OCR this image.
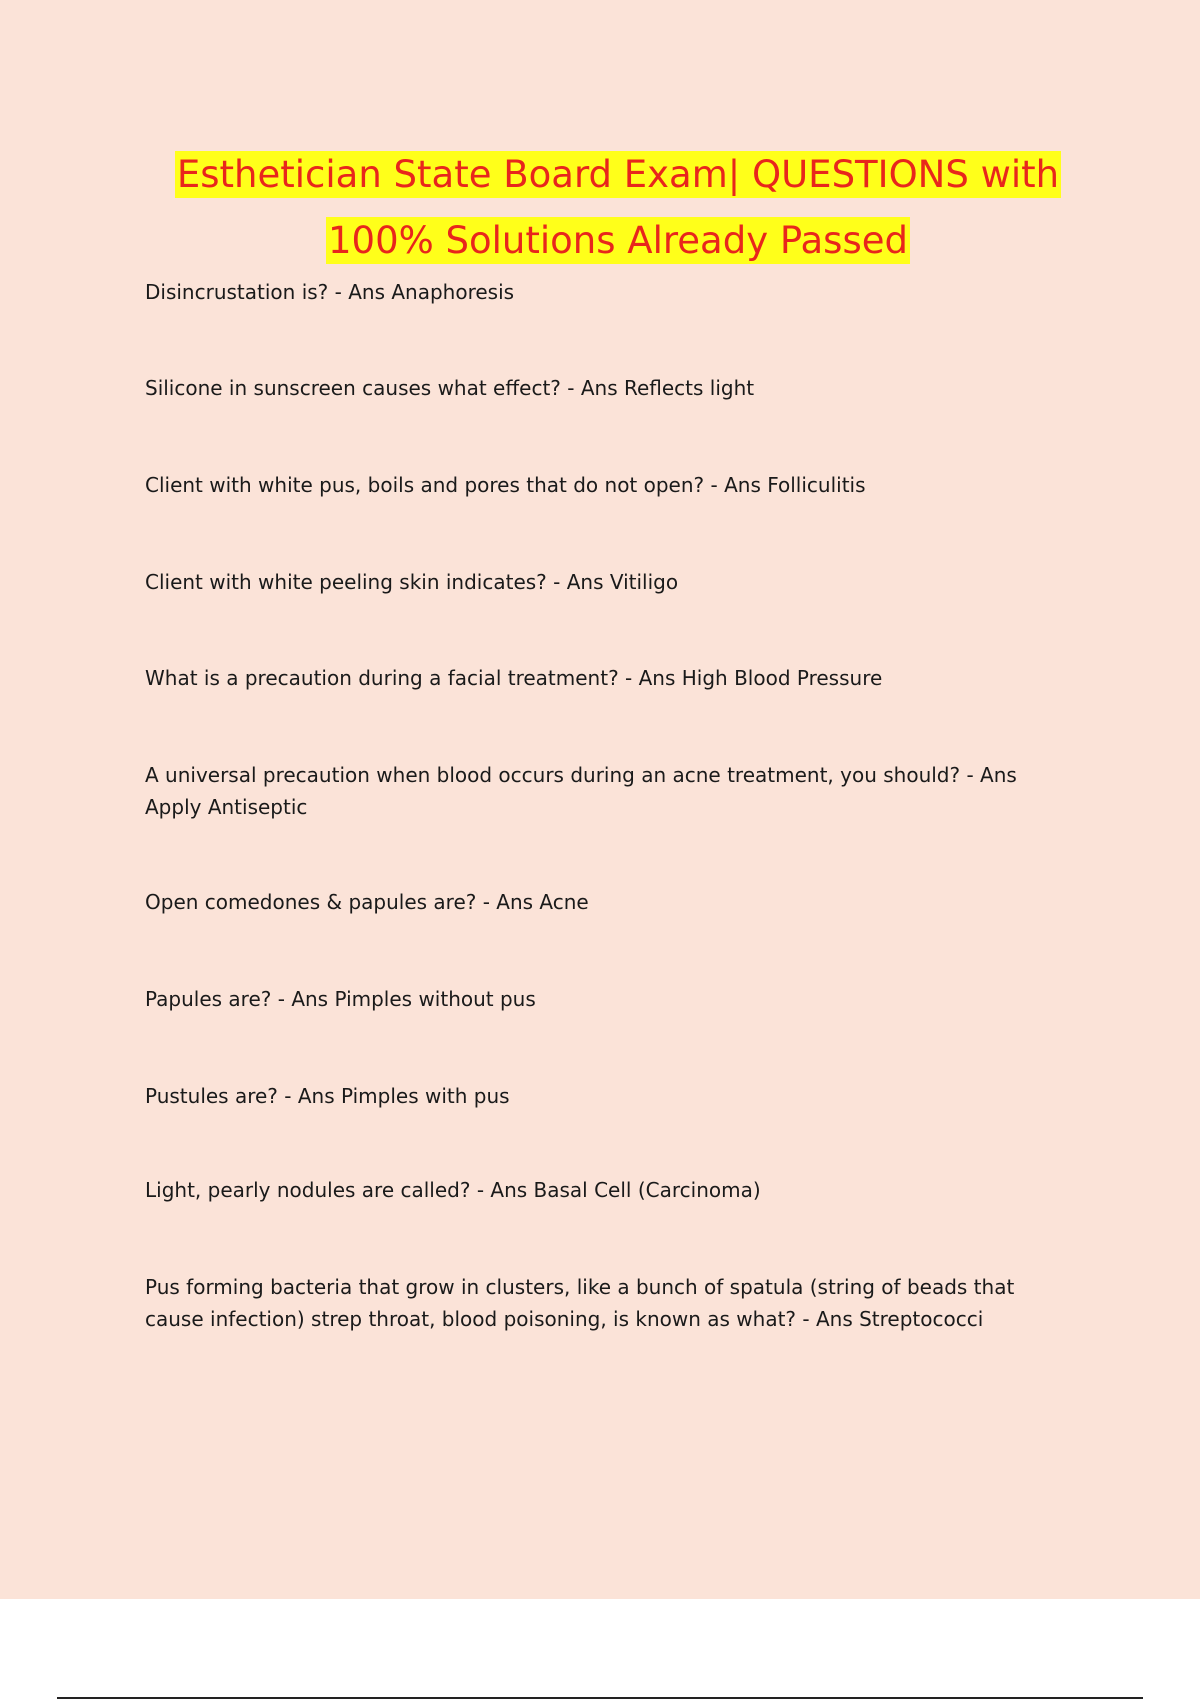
Esthetician State Board Exam| QUESTIONS with
100% Solutions Already Passed
Disincrustation is? - Ans Anaphoresis
Silicone in sunscreen causes what effect? - Ans Reflects light
Client with white pus, boils and pores that do not open? - Ans Folliculitis
Client with white peeling skin indicates? - Ans Vitiligo
What is a precaution during a facial treatment? - Ans High Blood Pressure
A universal precaution when blood occurs during an acne treatment, you should? - Ans Apply Antiseptic
Open comedones & papules are? - Ans Acne
Papules are? - Ans Pimples without pus
Pustules are? - Ans Pimples with pus
Light, pearly nodules are called? - Ans Basal Cell (Carcinoma)
Pus forming bacteria that grow in clusters, like a bunch of spatula (string of beads that cause infection) strep throat, blood poisoning, is known as what? - Ans Streptococci
